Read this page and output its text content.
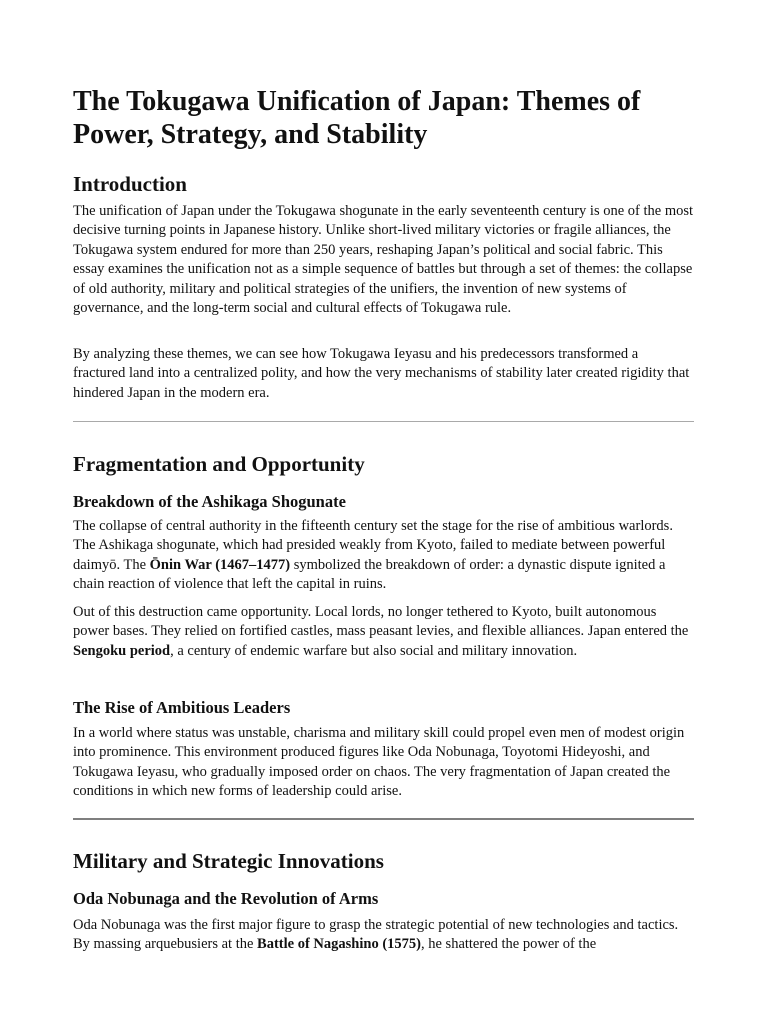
The Tokugawa Unification of Japan: Themes of Power, Strategy, and Stability
Introduction

The unification of Japan under the Tokugawa shogunate in the early seventeenth century is one of the most decisive turning points in Japanese history. Unlike short-lived military victories or fragile alliances, the Tokugawa system endured for more than 250 years, reshaping Japan’s political and social fabric. This essay examines the unification not as a simple sequence of battles but through a set of themes: the collapse of old authority, military and political strategies of the unifiers, the invention of new systems of governance, and the long-term social and cultural effects of Tokugawa rule.

By analyzing these themes, we can see how Tokugawa Ieyasu and his predecessors transformed a fractured land into a centralized polity, and how the very mechanisms of stability later created rigidity that hindered Japan in the modern era.

Fragmentation and Opportunity
Breakdown of the Ashikaga Shogunate

The collapse of central authority in the fifteenth century set the stage for the rise of ambitious warlords. The Ashikaga shogunate, which had presided weakly from Kyoto, failed to mediate between powerful daimyō. The Ōnin War (1467–1477) symbolized the breakdown of order: a dynastic dispute ignited a chain reaction of violence that left the capital in ruins.

Out of this destruction came opportunity. Local lords, no longer tethered to Kyoto, built autonomous power bases. They relied on fortified castles, mass peasant levies, and flexible alliances. Japan entered the Sengoku period, a century of endemic warfare but also social and military innovation.

The Rise of Ambitious Leaders

In a world where status was unstable, charisma and military skill could propel even men of modest origin into prominence. This environment produced figures like Oda Nobunaga, Toyotomi Hideyoshi, and Tokugawa Ieyasu, who gradually imposed order on chaos. The very fragmentation of Japan created the conditions in which new forms of leadership could arise.

Military and Strategic Innovations
Oda Nobunaga and the Revolution of Arms

Oda Nobunaga was the first major figure to grasp the strategic potential of new technologies and tactics. By massing arquebusiers at the Battle of Nagashino (1575), he shattered the power of the
